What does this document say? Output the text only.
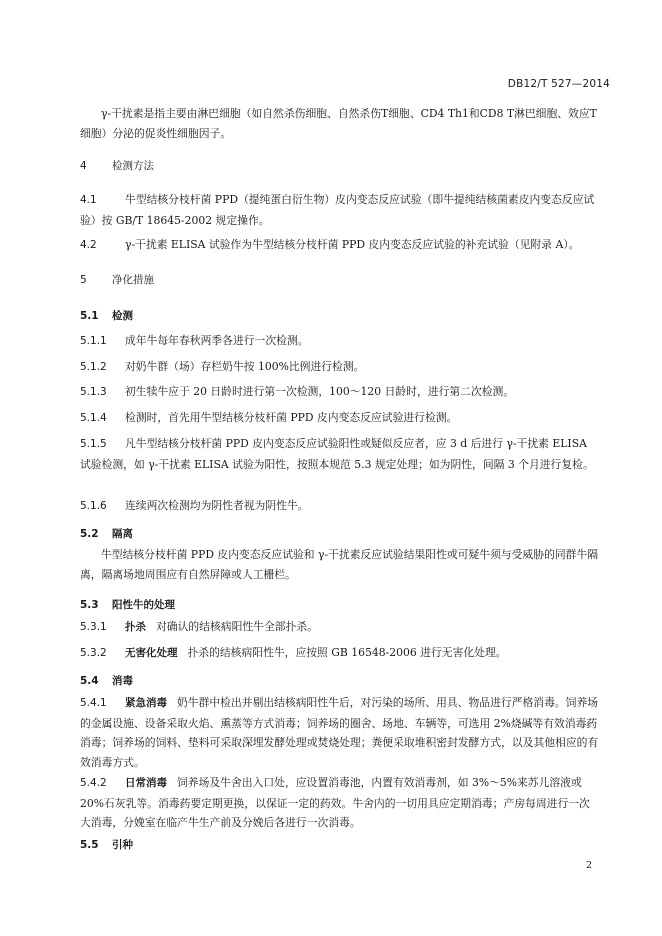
DB12/T 527—2014

γ-干扰素是指主要由淋巴细胞（如自然杀伤细胞、自然杀伤T细胞、CD4 Th1和CD8 T淋巴细胞、效应T细胞）分泌的促炎性细胞因子。

4 检测方法

4.1	牛型结核分枝杆菌 PPD（提纯蛋白衍生物）皮内变态反应试验（即牛提纯结核菌素皮内变态反应试验）按 GB/T 18645-2002 规定操作。

4.2	γ-干扰素 ELISA 试验作为牛型结核分枝杆菌 PPD 皮内变态反应试验的补充试验（见附录 A）。

5 净化措施
5.1 检测

5.1.1 成年牛每年春秋两季各进行一次检测。

5.1.2 对奶牛群（场）存栏奶牛按 100%比例进行检测。

5.1.3 初生犊牛应于 20 日龄时进行第一次检测，100～120 日龄时，进行第二次检测。

5.1.4 检测时，首先用牛型结核分枝杆菌 PPD 皮内变态反应试验进行检测。

5.1.5 凡牛型结核分枝杆菌 PPD 皮内变态反应试验阳性或疑似反应者，应 3 d 后进行 γ-干扰素 ELISA 试验检测，如 γ-干扰素 ELISA 试验为阳性，按照本规范 5.3 规定处理；如为阴性，间隔 3 个月进行复检。

5.1.6 连续两次检测均为阴性者视为阴性牛。

5.2 隔离

牛型结核分枝杆菌 PPD 皮内变态反应试验和 γ-干扰素反应试验结果阳性或可疑牛须与受威胁的同群牛隔离，隔离场地周围应有自然屏障或人工栅栏。

5.3 阳性牛的处理

5.3.1 扑杀 对确认的结核病阳性牛全部扑杀。

5.3.2 无害化处理 扑杀的结核病阳性牛，应按照 GB 16548-2006 进行无害化处理。

5.4 消毒

5.4.1 紧急消毒 奶牛群中检出并剔出结核病阳性牛后，对污染的场所、用具、物品进行严格消毒。饲养场的金属设施、设备采取火焰、熏蒸等方式消毒；饲养场的圈舍、场地、车辆等，可选用 2%烧碱等有效消毒药消毒；饲养场的饲料、垫料可采取深埋发酵处理或焚烧处理；粪便采取堆积密封发酵方式，以及其他相应的有效消毒方式。

5.4.2 日常消毒 饲养场及牛舍出入口处，应设置消毒池，内置有效消毒剂，如 3%～5%来苏儿溶液或 20%石灰乳等。消毒药要定期更换，以保证一定的药效。牛舍内的一切用具应定期消毒；产房每周进行一次大消毒，分娩室在临产牛生产前及分娩后各进行一次消毒。

5.5 引种
2
